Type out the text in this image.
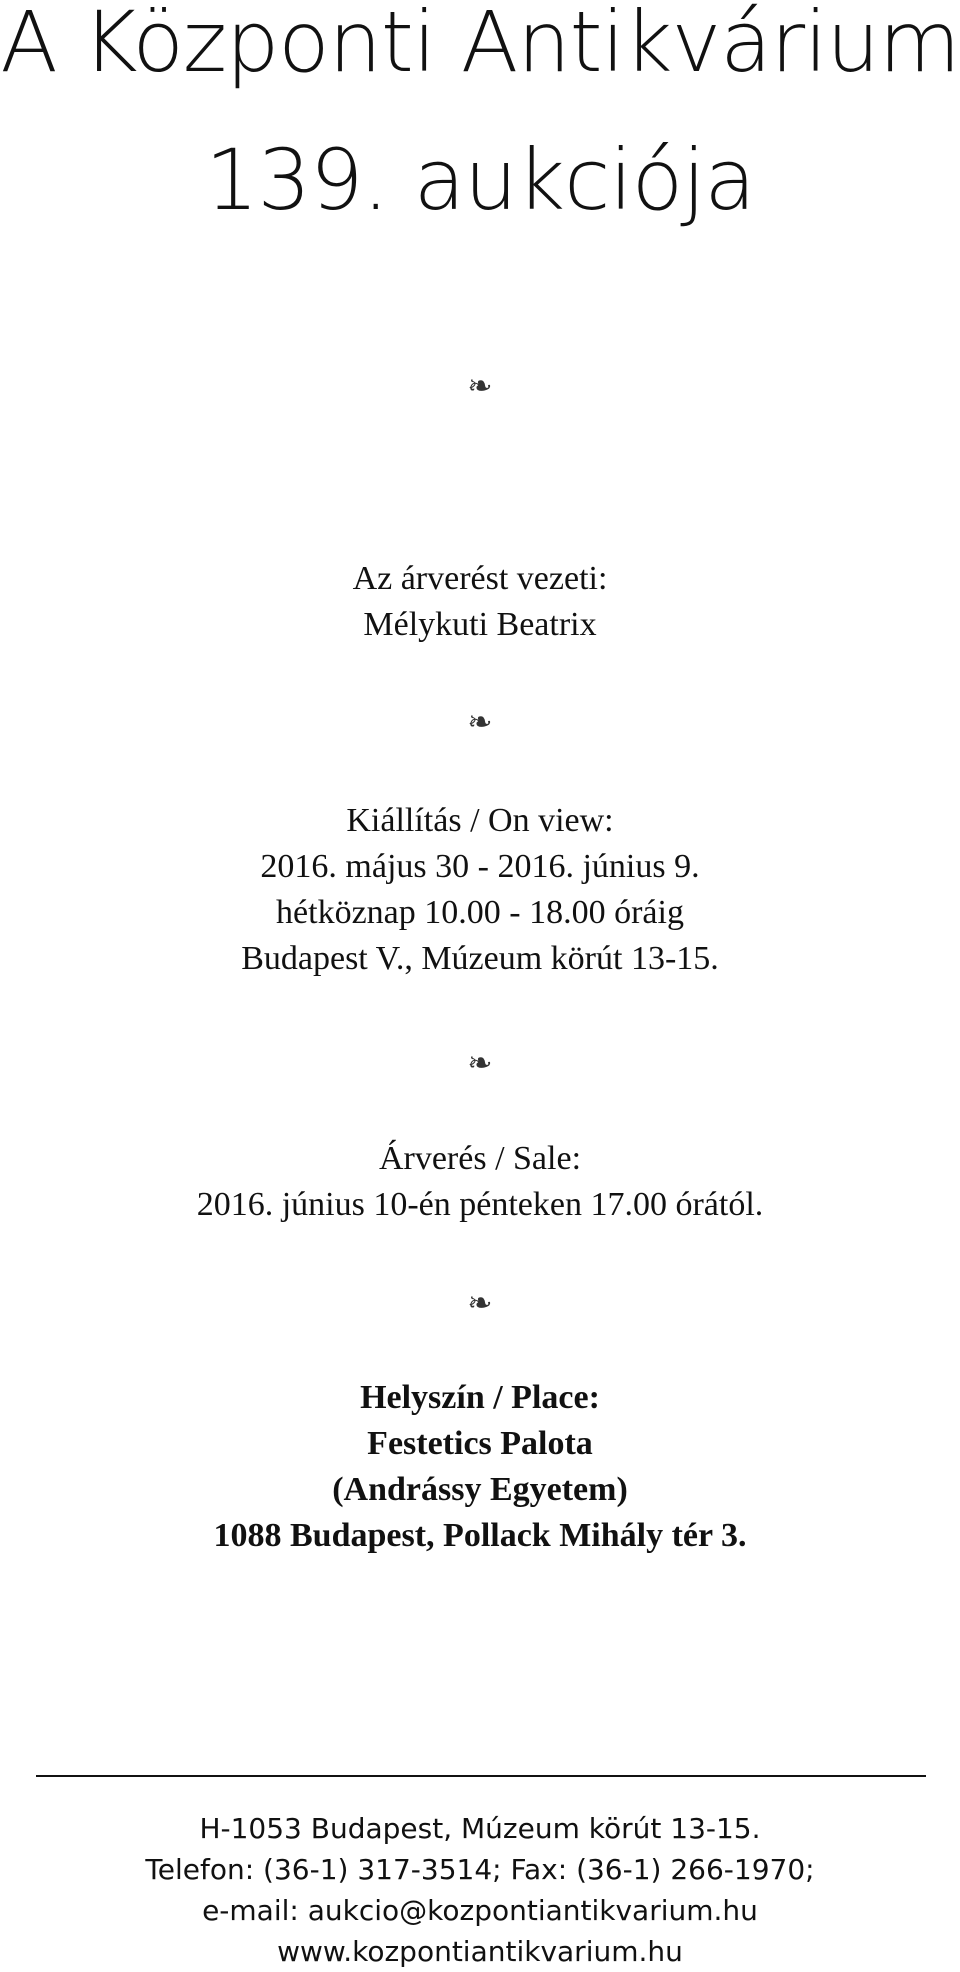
A Központi Antikvárium
139. aukciója
❧
Az árverést vezeti:
Mélykuti Beatrix
❧
Kiállítás / On view:
2016. május 30 - 2016. június 9.
hétköznap 10.00 - 18.00 óráig
Budapest V., Múzeum körút 13-15.
❧
Árverés / Sale:
2016. június 10-én pénteken 17.00 órától.
❧
Helyszín / Place:
Festetics Palota
(Andrássy Egyetem)
1088 Budapest, Pollack Mihály tér 3.
H-1053 Budapest, Múzeum körút 13-15.
Telefon: (36-1) 317-3514; Fax: (36-1) 266-1970;
e-mail: aukcio@kozpontiantikvarium.hu
www.kozpontiantikvarium.hu
